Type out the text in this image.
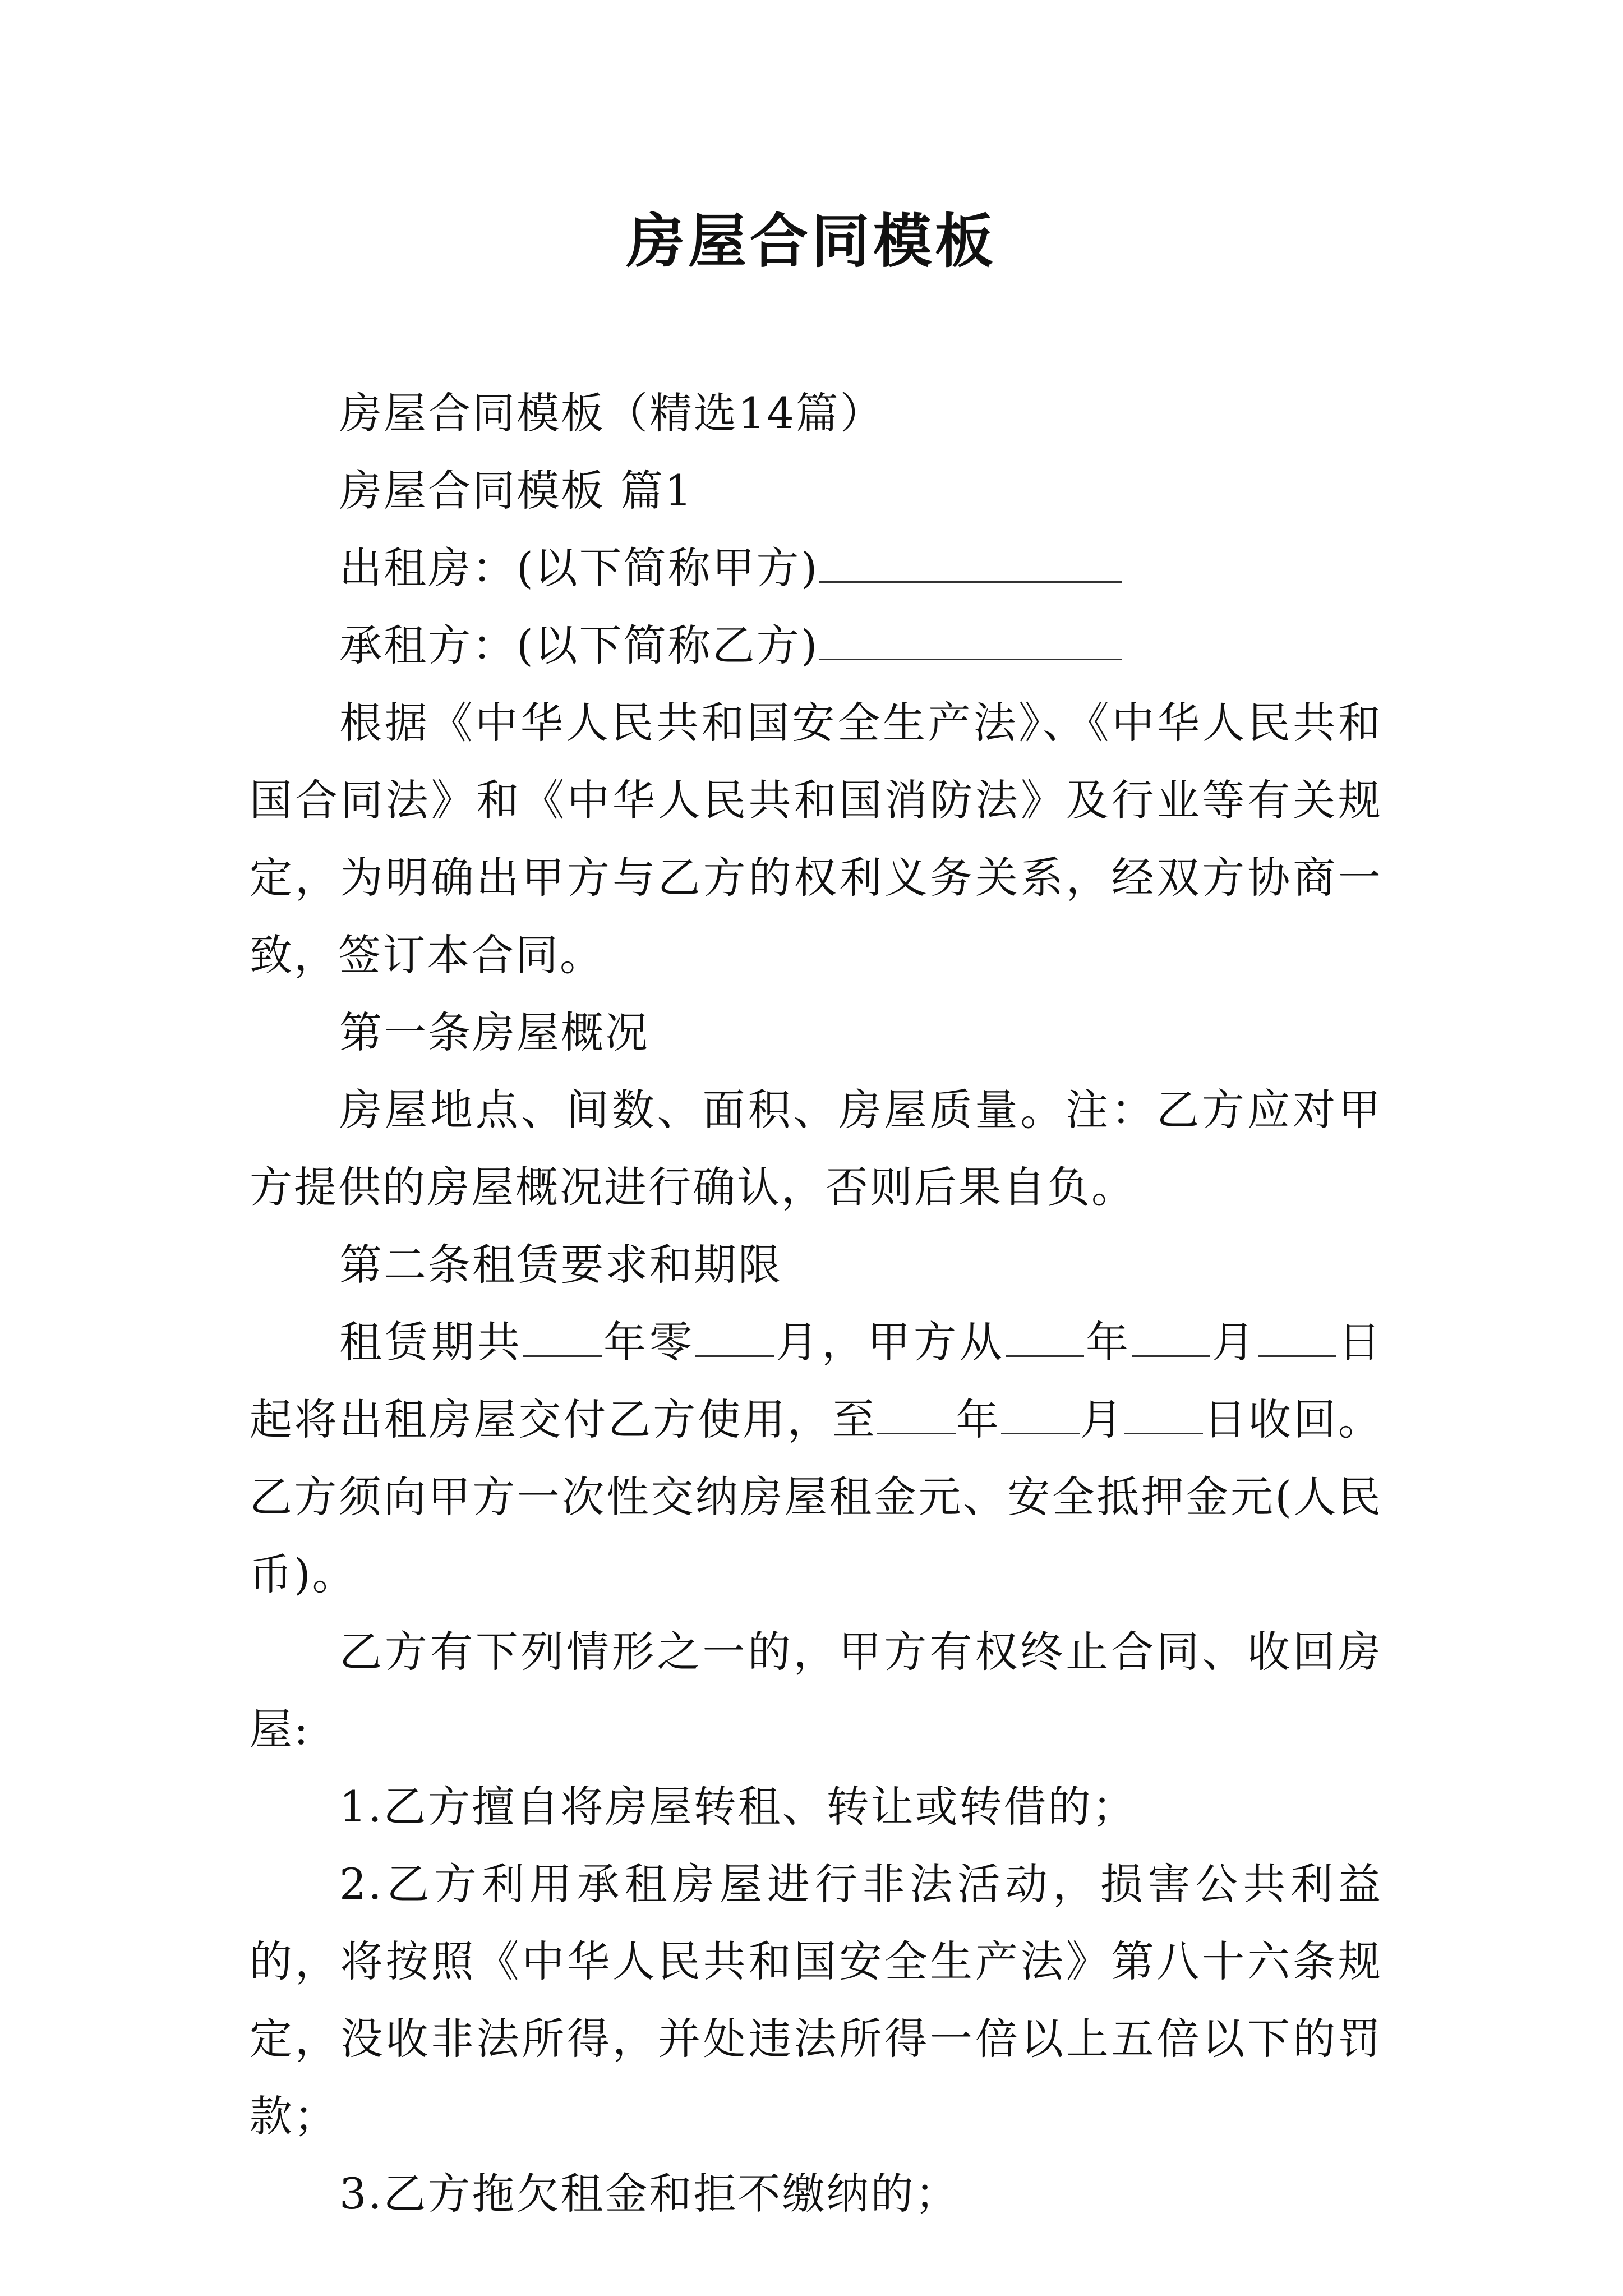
房屋合同模板

房屋合同模板（精选14篇）

房屋合同模板 篇1

出租房：(以下简称甲方)

承租方：(以下简称乙方)

根据《中华人民共和国安全生产法》、《中华人民共和国合同法》和《中华人民共和国消防法》及行业等有关规定，为明确出甲方与乙方的权利义务关系，经双方协商一致，签订本合同。

第一条房屋概况

房屋地点、间数、面积、房屋质量。注：乙方应对甲方提供的房屋概况进行确认，否则后果自负。

第二条租赁要求和期限

租赁期共 年零 月，甲方从 年 月 日起将出租房屋交付乙方使用，至 年 月 日收回。乙方须向甲方一次性交纳房屋租金元、安全抵押金元(人民币)。

乙方有下列情形之一的，甲方有权终止合同、收回房屋:

1.乙方擅自将房屋转租、转让或转借的；

2.乙方利用承租房屋进行非法活动，损害公共利益的，将按照《中华人民共和国安全生产法》第八十六条规定，没收非法所得，并处违法所得一倍以上五倍以下的罚款；

3.乙方拖欠租金和拒不缴纳的；
